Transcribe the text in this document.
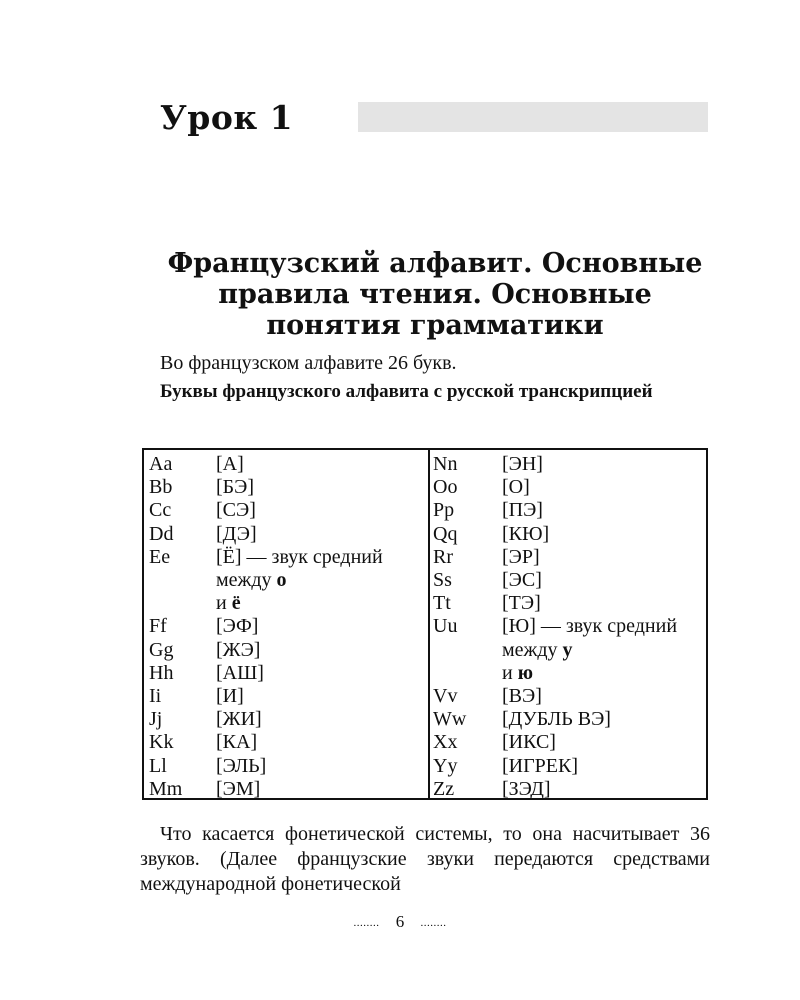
Урок 1
Французский алфавит. Основные
правила чтения. Основные
понятия грамматики
Во французском алфавите 26 букв.
Буквы французского алфавита с русской транскрипцией
Aa [А]
Bb [БЭ]
Cc [СЭ]
Dd [ДЭ]
Ee [Ё] — звук средний между о
и ё
Ff [ЭФ]
Gg [ЖЭ]
Hh [АШ]
Ii	[И]
Jj	[ЖИ]
Kk [КА]
Ll [ЭЛЬ]
Mm [ЭМ]
Nn [ЭН]
Oo [О]
Pp [ПЭ]
Qq [КЮ]
Rr [ЭР]
Ss	[ЭС]
Tt	[ТЭ]
Uu [Ю] — звук средний между у
и ю
Vv [ВЭ]
Ww [ДУБЛЬ ВЭ]
Xx [ИКС]
Yy [ИГРЕК]
Zz [ЗЭД]
Что касается фонетической системы, то она насчитывает 36 звуков. (Далее французские звуки передаются средствами международной фонетической
........ 6 ........
